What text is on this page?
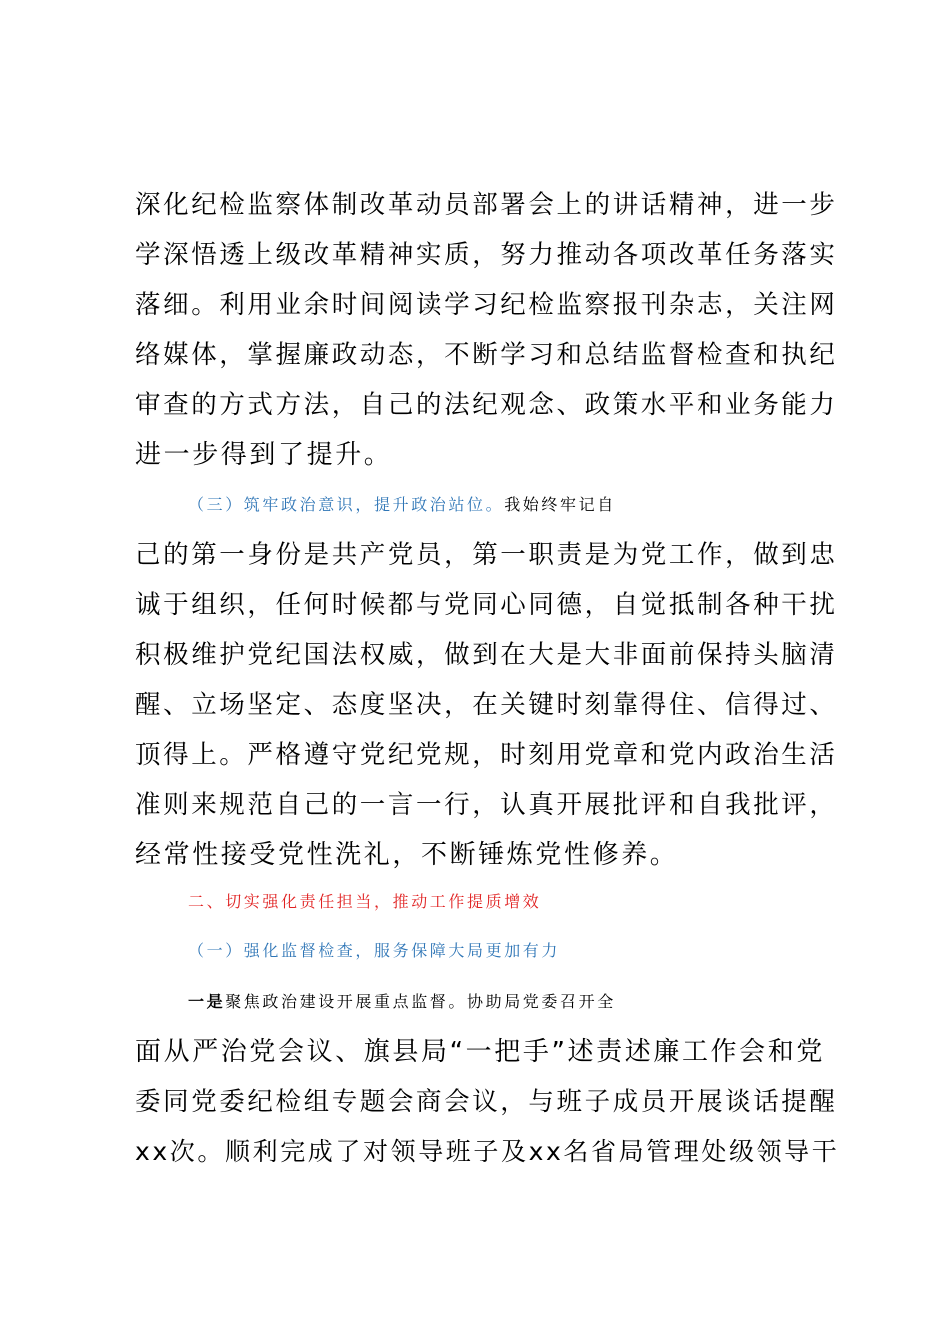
深化纪检监察体制改革动员部署会上的讲话精神，进一步
学深悟透上级改革精神实质，努力推动各项改革任务落实
落细。利用业余时间阅读学习纪检监察报刊杂志，关注网
络媒体，掌握廉政动态，不断学习和总结监督检查和执纪
审查的方式方法，自己的法纪观念、政策水平和业务能力
进一步得到了提升。
（三）筑牢政治意识，提升政治站位。我始终牢记自
己的第一身份是共产党员，第一职责是为党工作，做到忠
诚于组织，任何时候都与党同心同德，自觉抵制各种干扰
积极维护党纪国法权威，做到在大是大非面前保持头脑清
醒、立场坚定、态度坚决，在关键时刻靠得住、信得过、
顶得上。严格遵守党纪党规，时刻用党章和党内政治生活
准则来规范自己的一言一行，认真开展批评和自我批评，
经常性接受党性洗礼，不断锤炼党性修养。
二、切实强化责任担当，推动工作提质增效
（一）强化监督检查，服务保障大局更加有力
一是聚焦政治建设开展重点监督。协助局党委召开全
面从严治党会议、旗县局“一把手”述责述廉工作会和党
委同党委纪检组专题会商会议，与班子成员开展谈话提醒
xx次。顺利完成了对领导班子及xx名省局管理处级领导干
